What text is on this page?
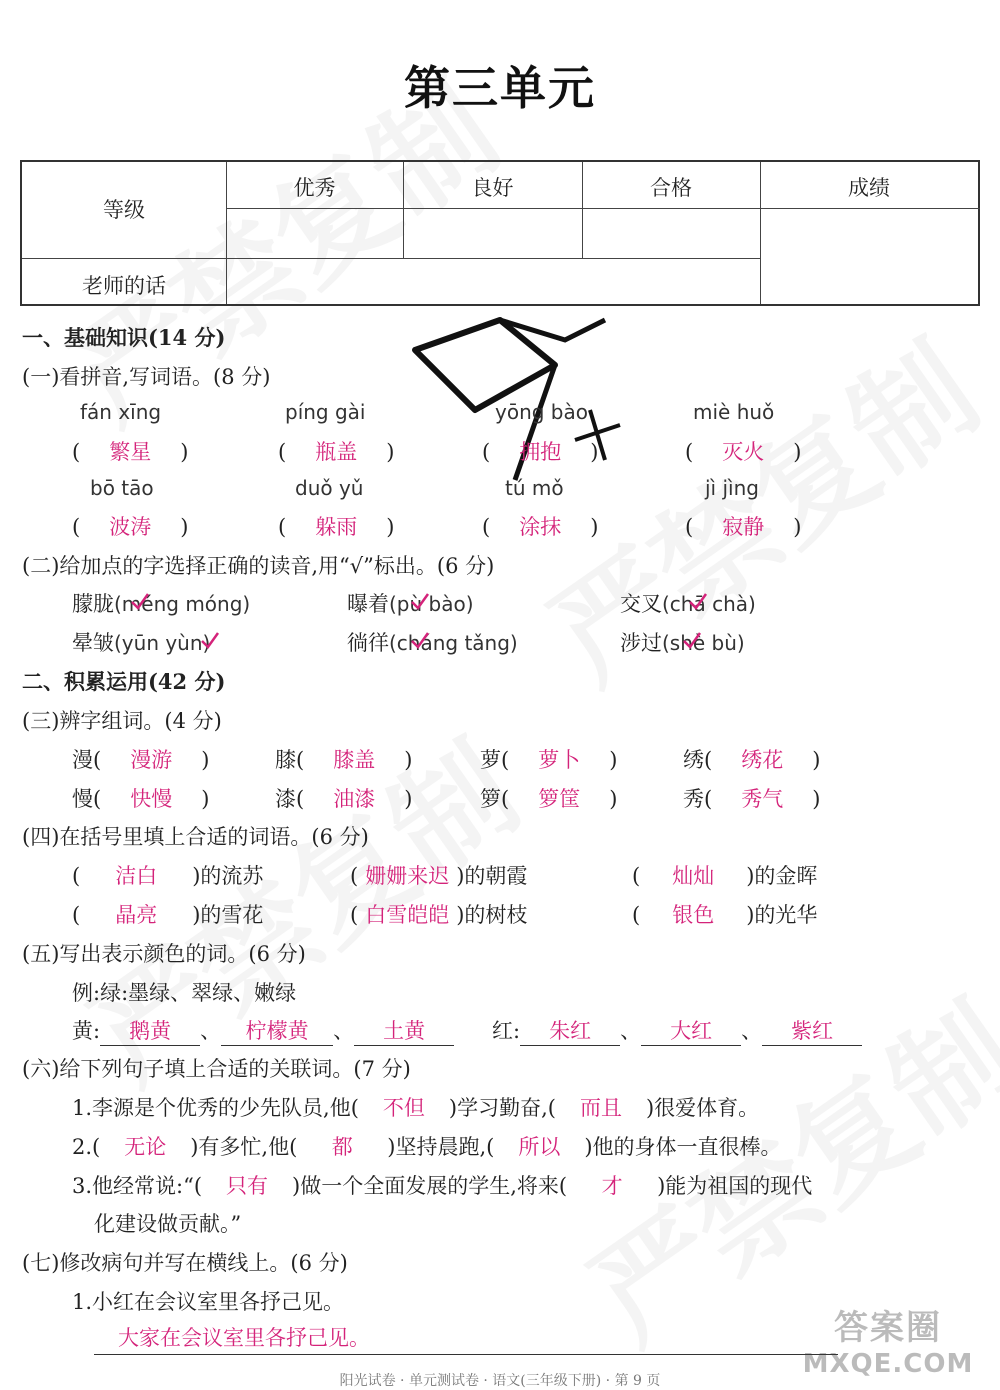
第三单元
等级
优秀	良好	合格	成绩
老师的话
一、基础知识(14 分)
(一)看拼音,写词语。(8 分)
fán xīng	píng gài	yōng bào	miè huǒ
( 繁星 )	( 瓶盖 )	( 拥抱 )	( 灭火 )
bō tāo	duǒ yǔ	tú mǒ	jì jìng
( 波涛 )	( 躲雨 )	( 涂抹 )	( 寂静 )
(二)给加点的字选择正确的读音,用“√”标出。(6 分)
朦胧(méng móng)	曝着(pù bào)	交叉(chā chà)
晕皱(yūn yùn)	徜徉(cháng tǎng)	涉过(shè bù)
二、积累运用(42 分)
(三)辨字组词。(4 分)
漫( 漫游 )	膝( 膝盖 )	萝( 萝卜 )	绣( 绣花 )
慢( 快慢 )	漆( 油漆 )	箩( 箩筐 )	秀( 秀气 )
(四)在括号里填上合适的词语。(6 分)
( 洁白 )的流苏	( 姗姗来迟 )的朝霞	( 灿灿 )的金晖
( 晶亮 )的雪花	( 白雪皑皑 )的树枝	( 银色 )的光华
(五)写出表示颜色的词。(6 分)
例:绿:墨绿、翠绿、嫩绿
黄: 鹅黄 、 柠檬黄 、 土黄	红: 朱红 、 大红 、 紫红
(六)给下列句子填上合适的关联词。(7 分)
1.李源是个优秀的少先队员,他( 不但 )学习勤奋,( 而且 )很爱体育。
2.( 无论 )有多忙,他( 都 )坚持晨跑,( 所以 )他的身体一直很棒。
3.他经常说:“( 只有 )做一个全面发展的学生,将来( 才 )能为祖国的现代
化建设做贡献。”
(七)修改病句并写在横线上。(6 分)
1.小红在会议室里各抒己见。
大家在会议室里各抒己见。
阳光试卷 · 单元测试卷 · 语文(三年级下册) · 第 9 页
答案圈
MXQE.COM
